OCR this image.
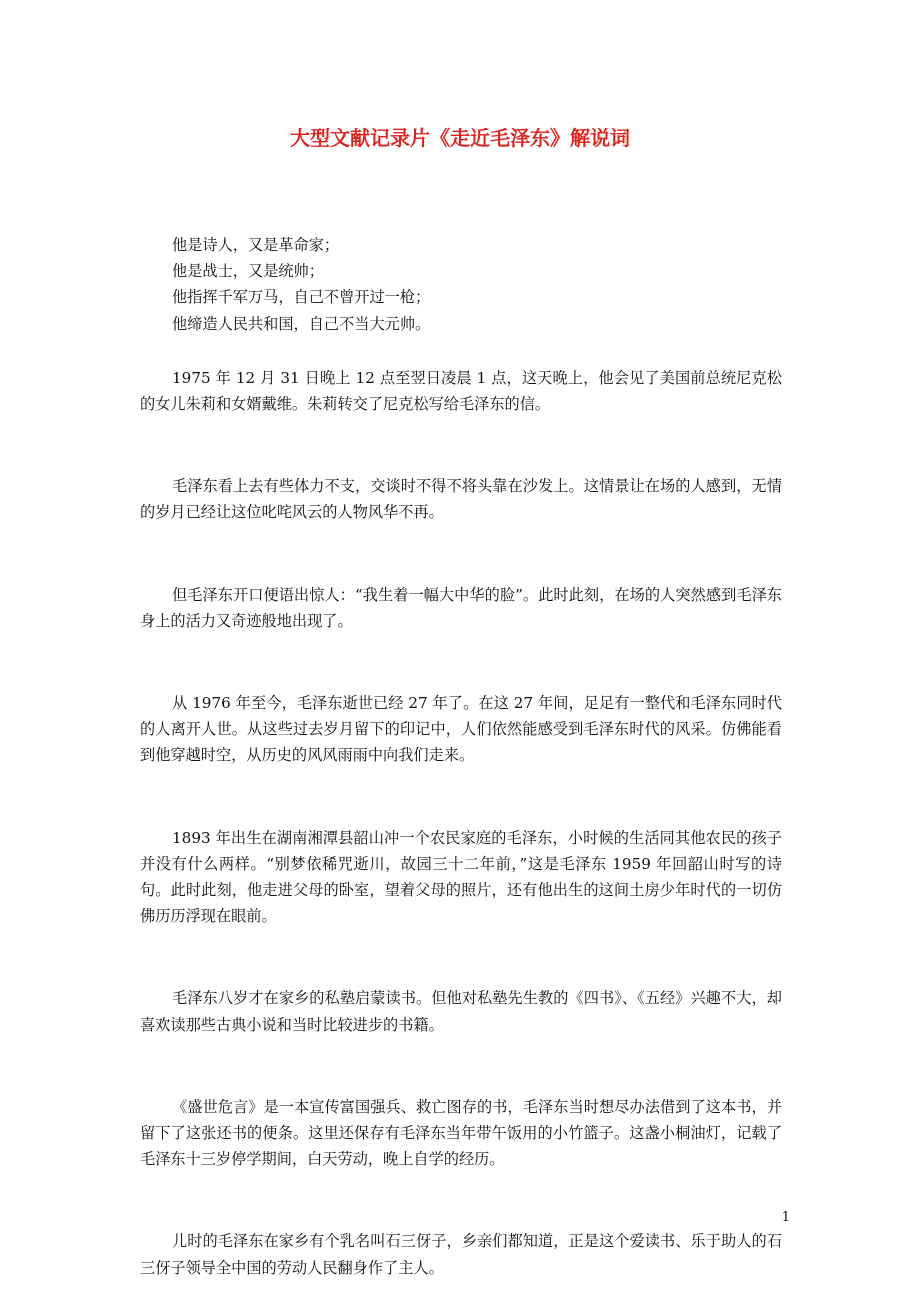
大型文献记录片《走近毛泽东》解说词

他是诗人，又是革命家；

他是战士，又是统帅；

他指挥千军万马，自己不曾开过一枪；

他缔造人民共和国，自己不当大元帅。

1975 年 12 月 31 日晚上 12 点至翌日凌晨 1 点，这天晚上，他会见了美国前总统尼克松的女儿朱莉和女婿戴维。朱莉转交了尼克松写给毛泽东的信。

毛泽东看上去有些体力不支，交谈时不得不将头靠在沙发上。这情景让在场的人感到，无情的岁月已经让这位叱咤风云的人物风华不再。

但毛泽东开口便语出惊人：“我生着一幅大中华的脸”。此时此刻，在场的人突然感到毛泽东身上的活力又奇迹般地出现了。

从 1976 年至今，毛泽东逝世已经 27 年了。在这 27 年间，足足有一整代和毛泽东同时代的人离开人世。从这些过去岁月留下的印记中，人们依然能感受到毛泽东时代的风采。仿佛能看到他穿越时空，从历史的风风雨雨中向我们走来。

1893 年出生在湖南湘潭县韶山冲一个农民家庭的毛泽东，小时候的生活同其他农民的孩子并没有什么两样。“别梦依稀咒逝川，故园三十二年前，”这是毛泽东 1959 年回韶山时写的诗句。此时此刻，他走进父母的卧室，望着父母的照片，还有他出生的这间土房少年时代的一切仿佛历历浮现在眼前。

毛泽东八岁才在家乡的私塾启蒙读书。但他对私塾先生教的《四书》、《五经》兴趣不大，却喜欢读那些古典小说和当时比较进步的书籍。

《盛世危言》是一本宣传富国强兵、救亡图存的书，毛泽东当时想尽办法借到了这本书，并留下了这张还书的便条。这里还保存有毛泽东当年带午饭用的小竹篮子。这盏小桐油灯，记载了毛泽东十三岁停学期间，白天劳动，晚上自学的经历。

儿时的毛泽东在家乡有个乳名叫石三伢子，乡亲们都知道，正是这个爱读书、乐于助人的石三伢子领导全中国的劳动人民翻身作了主人。

1
